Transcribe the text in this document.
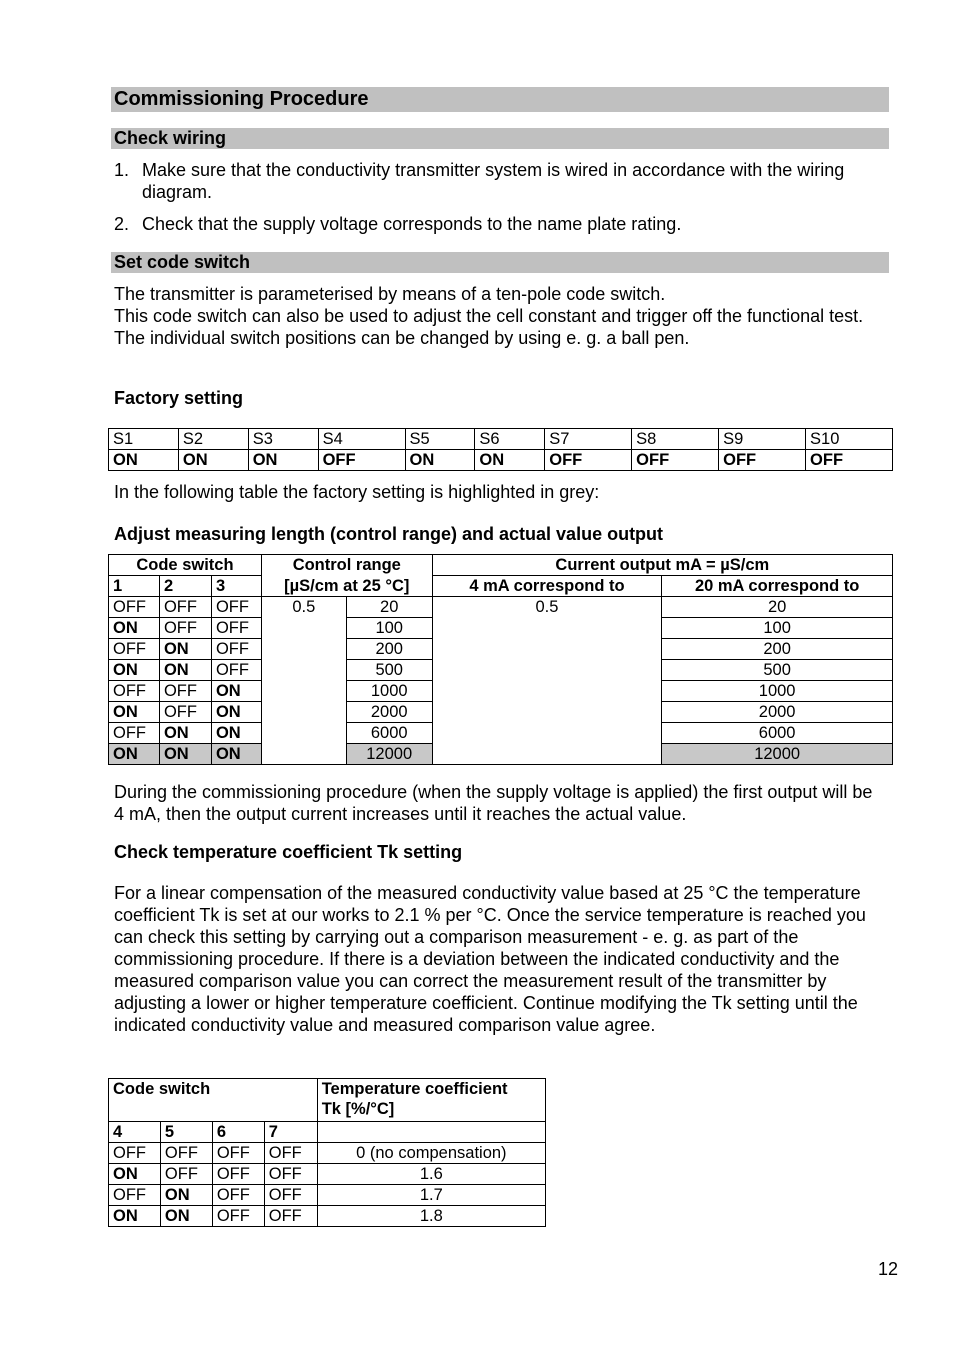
Commissioning Procedure
Check wiring
1. Make sure that the conductivity transmitter system is wired in accordance with the wiring diagram.
2. Check that the supply voltage corresponds to the name plate rating.
Set code switch
The transmitter is parameterised by means of a ten-pole code switch.
This code switch can also be used to adjust the cell constant and trigger off the functional test.
The individual switch positions can be changed by using e. g. a ball pen.
Factory setting
S1	S2	S3	S4	S5	S6	S7	S8	S9	S10
ON	ON	ON	OFF	ON	ON	OFF	OFF	OFF	OFF
In the following table the factory setting is highlighted in grey:
Adjust measuring length (control range) and actual value output
Code switch			Control range		Current output mA = µS/cm	
1	2	3	[µS/cm at 25 °C]		4 mA correspond to	20 mA correspond to
OFF	OFF	OFF	0.5	20	0.5	20
ON	OFF	OFF		100		100
OFF	ON	OFF		200		200
ON	ON	OFF		500		500
OFF	OFF	ON		1000		1000
ON	OFF	ON		2000		2000
OFF	ON	ON		6000		6000
ON	ON	ON		12000		12000
During the commissioning procedure (when the supply voltage is applied) the first output will be 4 mA, then the output current increases until it reaches the actual value.
Check temperature coefficient Tk setting
For a linear compensation of the measured conductivity value based at 25 °C the temperature coefficient Tk is set at our works to 2.1 % per °C. Once the service temperature is reached you can check this setting by carrying out a comparison measurement - e. g. as part of the commissioning procedure. If there is a deviation between the indicated conductivity and the measured comparison value you can correct the measurement result of the transmitter by adjusting a lower or higher temperature coefficient. Continue modifying the Tk setting until the indicated conductivity value and measured comparison value agree.
Code switch				Temperature coefficient
Tk [%/°C]

4	5	6	7	
OFF	OFF	OFF	OFF	0 (no compensation)
ON	OFF	OFF	OFF	1.6
OFF	ON	OFF	OFF	1.7
ON	ON	OFF	OFF	1.8
12
